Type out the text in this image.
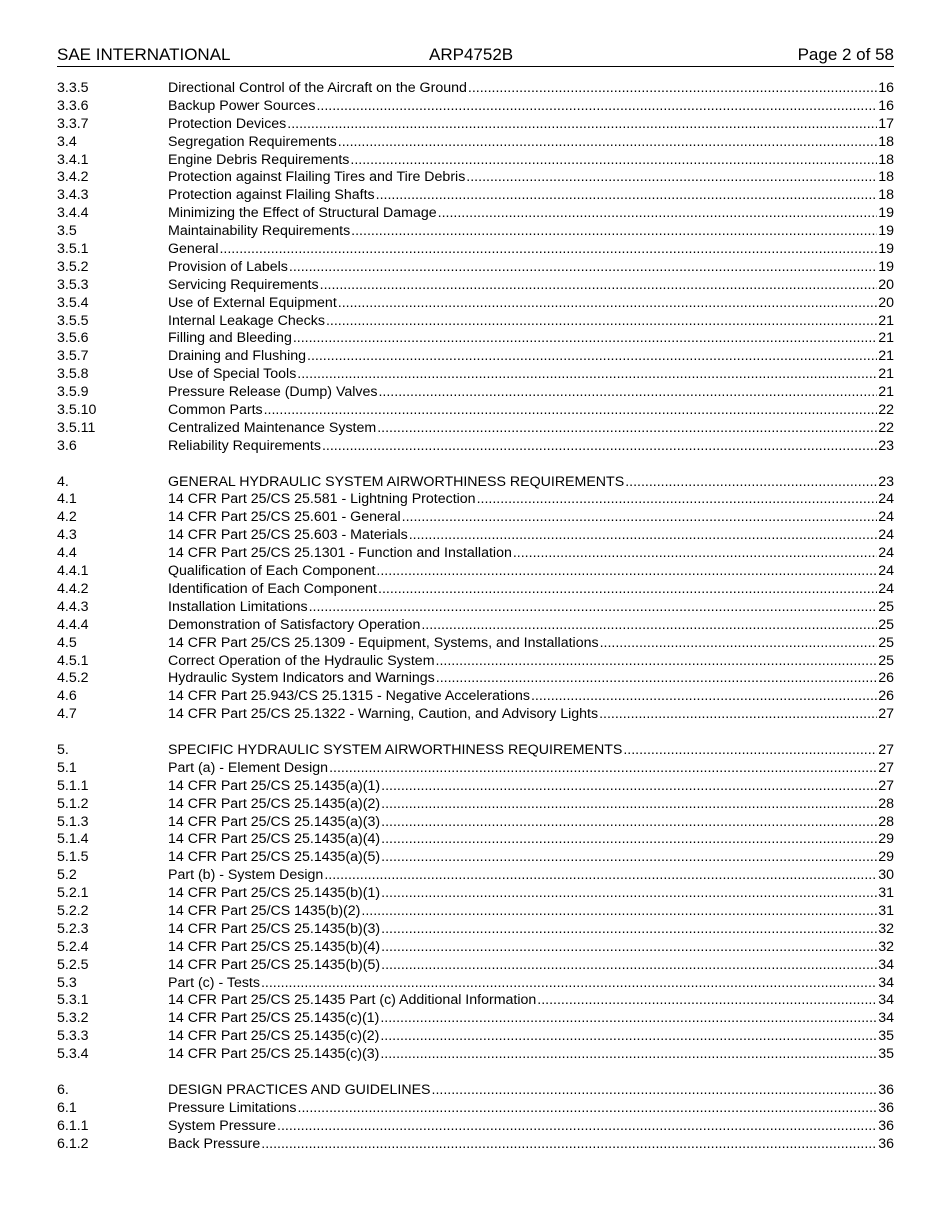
SAE INTERNATIONAL	ARP4752B	Page 2 of 58
3.3.5	Directional Control of the Aircraft on the Ground .....	16
3.3.6	Backup Power Sources .....	16
3.3.7	Protection Devices .....	17
3.4	Segregation Requirements .....	18
3.4.1	Engine Debris Requirements .....	18
3.4.2	Protection against Flailing Tires and Tire Debris .....	18
3.4.3	Protection against Flailing Shafts .....	18
3.4.4	Minimizing the Effect of Structural Damage .....	19
3.5	Maintainability Requirements .....	19
3.5.1	General .....	19
3.5.2	Provision of Labels .....	19
3.5.3	Servicing Requirements .....	20
3.5.4	Use of External Equipment .....	20
3.5.5	Internal Leakage Checks .....	21
3.5.6	Filling and Bleeding .....	21
3.5.7	Draining and Flushing .....	21
3.5.8	Use of Special Tools .....	21
3.5.9	Pressure Release (Dump) Valves .....	21
3.5.10	Common Parts .....	22
3.5.11	Centralized Maintenance System .....	22
3.6	Reliability Requirements .....	23
4.	GENERAL HYDRAULIC SYSTEM AIRWORTHINESS REQUIREMENTS .....	23
4.1	14 CFR Part 25/CS 25.581 - Lightning Protection .....	24
4.2	14 CFR Part 25/CS 25.601 - General .....	24
4.3	14 CFR Part 25/CS 25.603 - Materials .....	24
4.4	14 CFR Part 25/CS 25.1301 - Function and Installation .....	24
4.4.1	Qualification of Each Component .....	24
4.4.2	Identification of Each Component .....	24
4.4.3	Installation Limitations .....	25
4.4.4	Demonstration of Satisfactory Operation .....	25
4.5	14 CFR Part 25/CS 25.1309 - Equipment, Systems, and Installations .....	25
4.5.1	Correct Operation of the Hydraulic System .....	25
4.5.2	Hydraulic System Indicators and Warnings .....	26
4.6	14 CFR Part 25.943/CS 25.1315 - Negative Accelerations .....	26
4.7	14 CFR Part 25/CS 25.1322 - Warning, Caution, and Advisory Lights .....	27
5.	SPECIFIC HYDRAULIC SYSTEM AIRWORTHINESS REQUIREMENTS .....	27
5.1	Part (a) - Element Design .....	27
5.1.1	14 CFR Part 25/CS 25.1435(a)(1) .....	27
5.1.2	14 CFR Part 25/CS 25.1435(a)(2) .....	28
5.1.3	14 CFR Part 25/CS 25.1435(a)(3) .....	28
5.1.4	14 CFR Part 25/CS 25.1435(a)(4) .....	29
5.1.5	14 CFR Part 25/CS 25.1435(a)(5) .....	29
5.2	Part (b) - System Design .....	30
5.2.1	14 CFR Part 25/CS 25.1435(b)(1) .....	31
5.2.2	14 CFR Part 25/CS 1435(b)(2) .....	31
5.2.3	14 CFR Part 25/CS 25.1435(b)(3) .....	32
5.2.4	14 CFR Part 25/CS 25.1435(b)(4) .....	32
5.2.5	14 CFR Part 25/CS 25.1435(b)(5) .....	34
5.3	Part (c) - Tests .....	34
5.3.1	14 CFR Part 25/CS 25.1435 Part (c) Additional Information .....	34
5.3.2	14 CFR Part 25/CS 25.1435(c)(1) .....	34
5.3.3	14 CFR Part 25/CS 25.1435(c)(2) .....	35
5.3.4	14 CFR Part 25/CS 25.1435(c)(3) .....	35
6.	DESIGN PRACTICES AND GUIDELINES .....	36
6.1	Pressure Limitations .....	36
6.1.1	System Pressure .....	36
6.1.2	Back Pressure .....	36
